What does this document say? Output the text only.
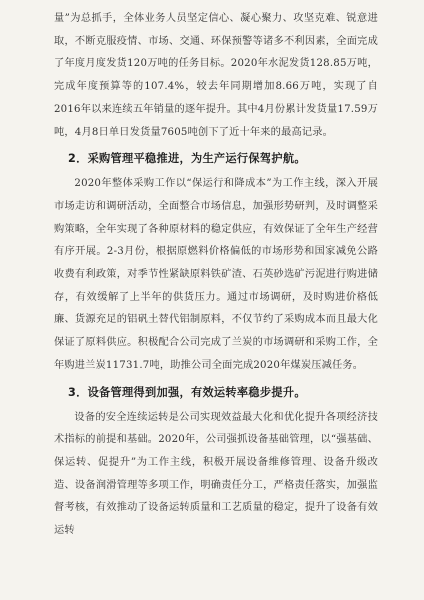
量”为总抓手，全体业务人员坚定信心、凝心聚力、攻坚克难、锐意进取，不断克服疫情、市场、交通、环保预警等诸多不利因素，全面完成了年度月度发货120万吨的任务目标。2020年水泥发货128.85万吨，完成年度预算等的107.4%，较去年同期增加8.66万吨，实现了自2016年以来连续五年销量的逐年提升。其中4月份累计发货量17.59万吨，4月8日单日发货量7605吨创下了近十年来的最高记录。

2．采购管理平稳推进，为生产运行保驾护航。

2020年整体采购工作以“保运行和降成本”为工作主线，深入开展市场走访和调研活动，全面整合市场信息，加强形势研判，及时调整采购策略，全年实现了各种原材料的稳定供应，有效保证了全年生产经营有序开展。2-3月份，根据原燃料价格偏低的市场形势和国家减免公路收费有利政策，对季节性紧缺原料铁矿渣、石英砂选矿污泥进行购进储存，有效缓解了上半年的供货压力。通过市场调研，及时购进价格低廉、货源充足的铝矾土替代铝制原料，不仅节约了采购成本而且最大化保证了原料供应。积极配合公司完成了兰炭的市场调研和采购工作，全年购进兰炭11731.7吨，助推公司全面完成2020年煤炭压减任务。

3．设备管理得到加强，有效运转率稳步提升。

设备的安全连续运转是公司实现效益最大化和优化提升各项经济技术指标的前提和基础。2020年，公司强抓设备基础管理，以“强基础、保运转、促提升”为工作主线，积极开展设备维修管理、设备升级改造、设备润滑管理等多项工作，明确责任分工，严格责任落实，加强监督考核，有效推动了设备运转质量和工艺质量的稳定，提升了设备有效运转
